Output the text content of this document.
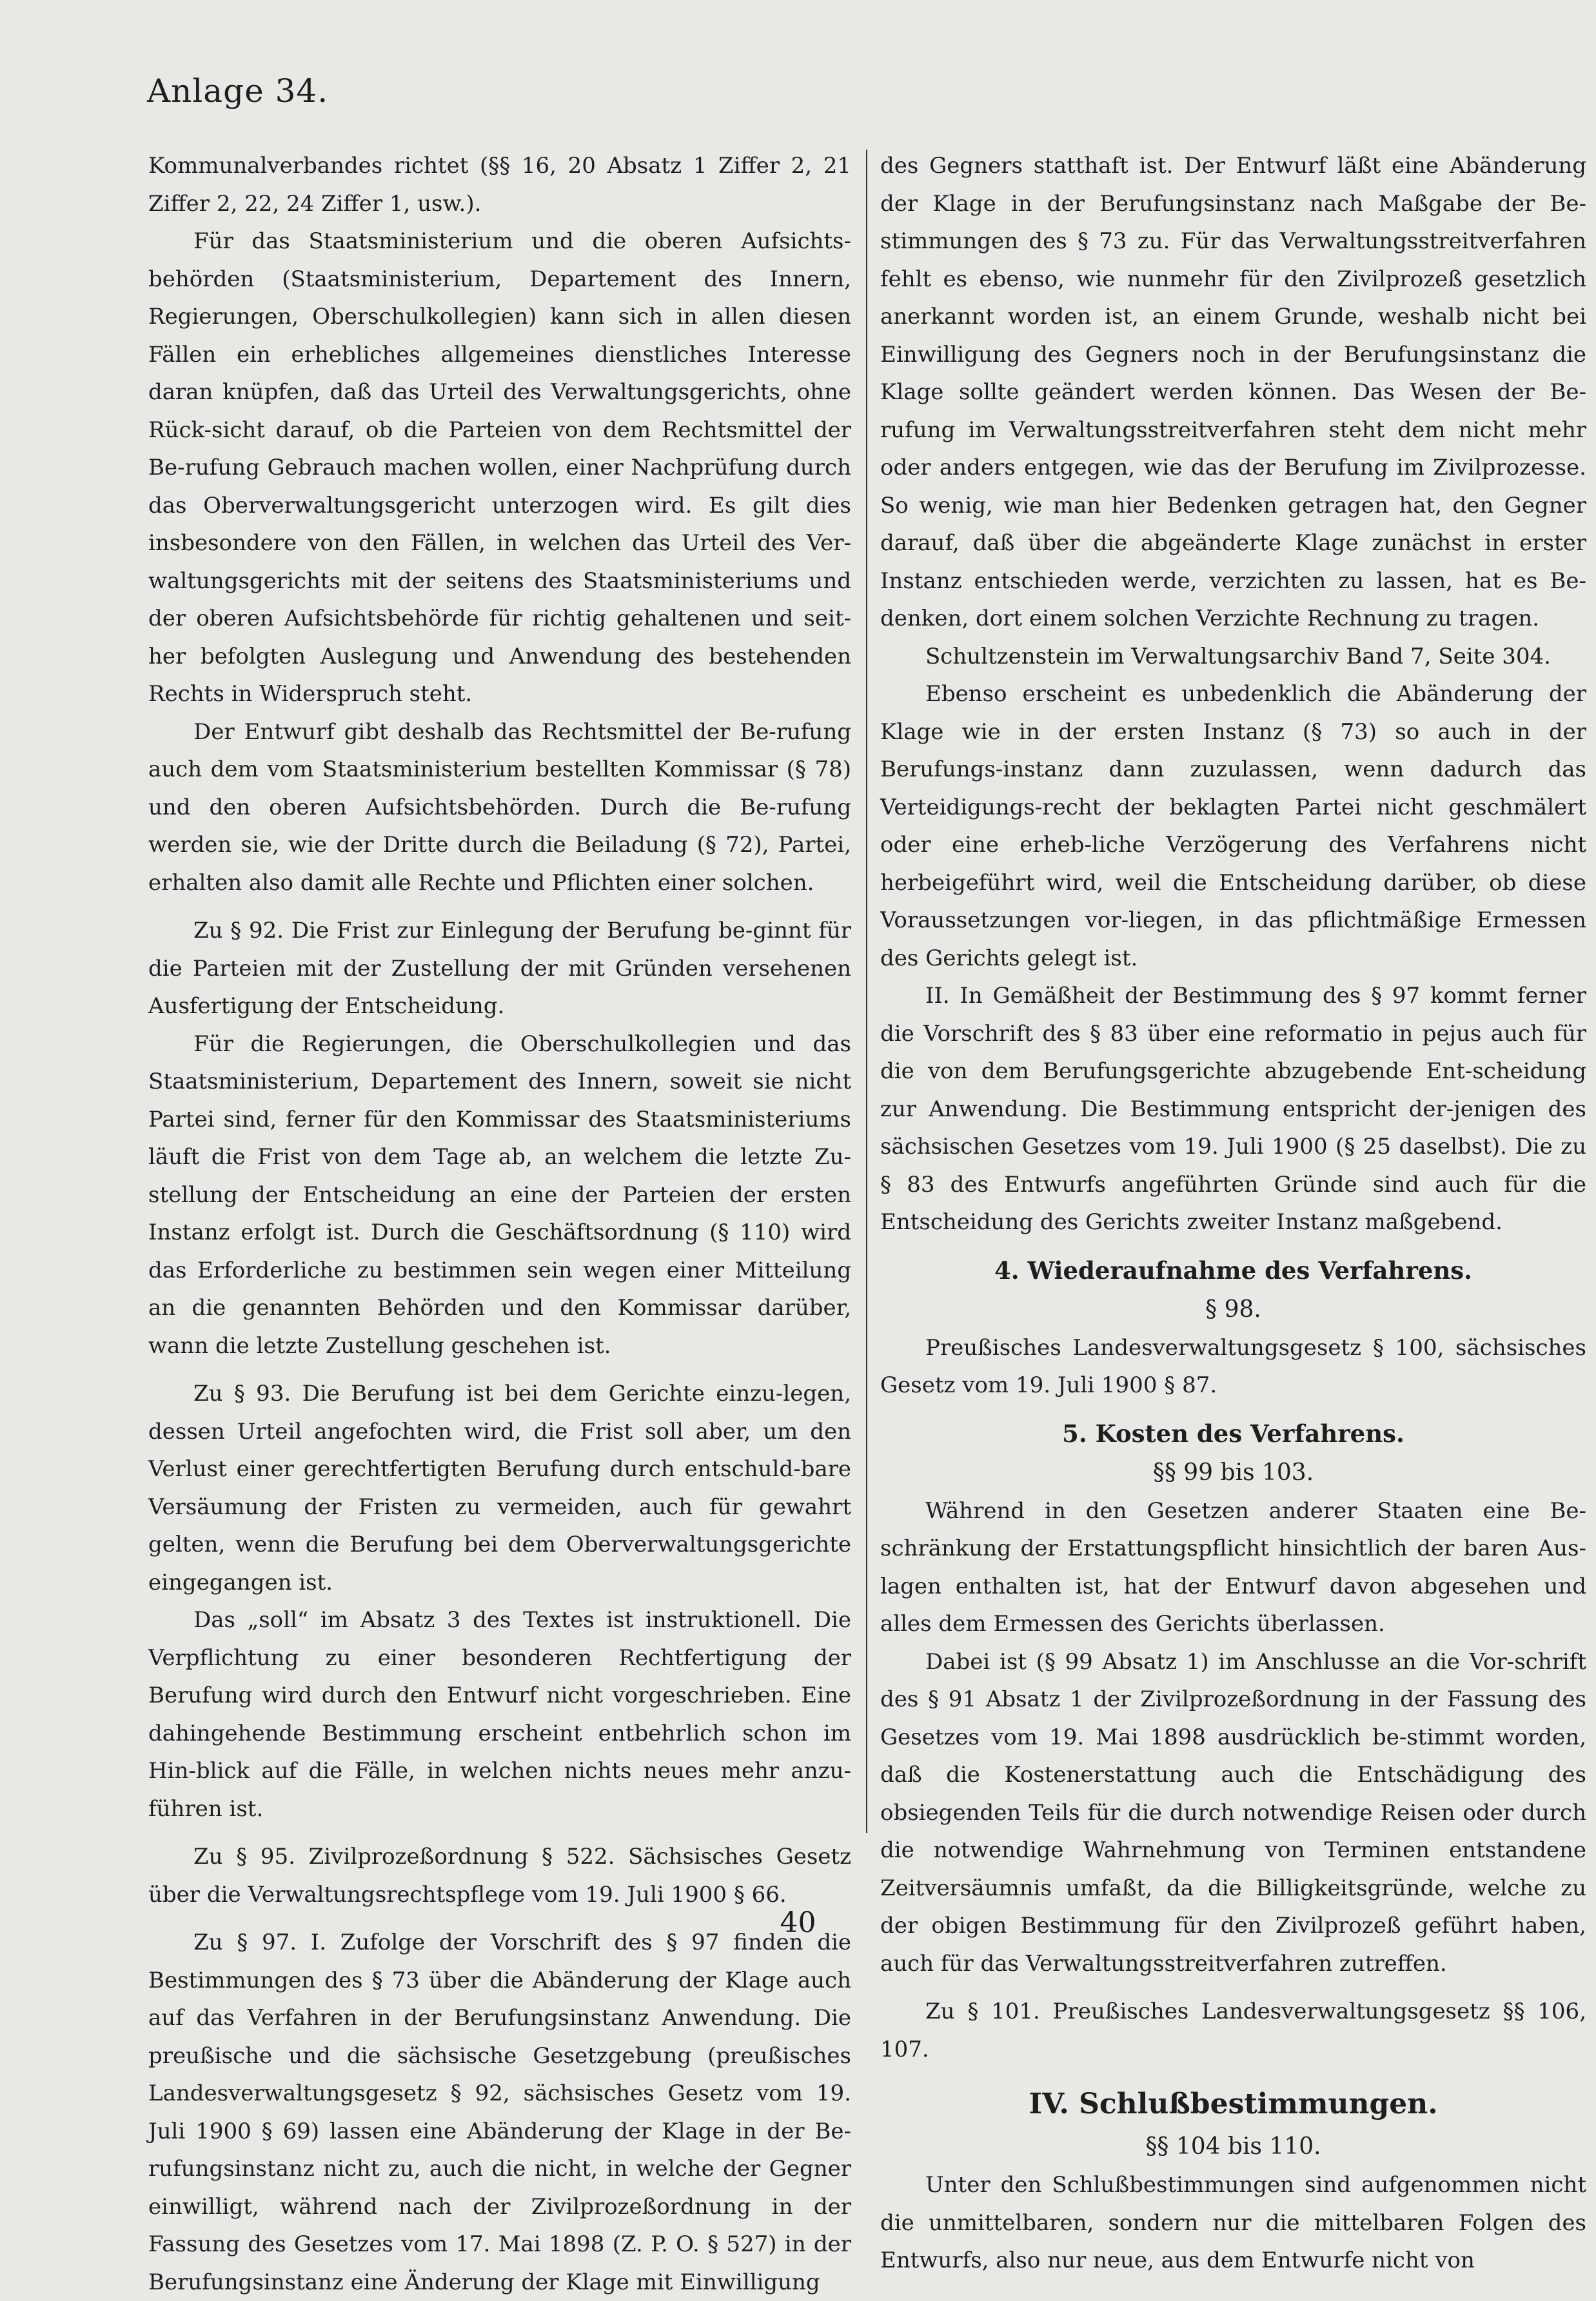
Anlage 34.

Kommunalverbandes richtet (§§ 16, 20 Absatz 1 Ziffer 2, 21 Ziffer 2, 22, 24 Ziffer 1, usw.).

Für das Staatsministerium und die oberen Aufsichts-behörden (Staatsministerium, Departement des Innern, Regierungen, Oberschulkollegien) kann sich in allen diesen Fällen ein erhebliches allgemeines dienstliches Interesse daran knüpfen, daß das Urteil des Verwaltungsgerichts, ohne Rück-sicht darauf, ob die Parteien von dem Rechtsmittel der Be-rufung Gebrauch machen wollen, einer Nachprüfung durch das Oberverwaltungsgericht unterzogen wird. Es gilt dies insbesondere von den Fällen, in welchen das Urteil des Ver-waltungsgerichts mit der seitens des Staatsministeriums und der oberen Aufsichtsbehörde für richtig gehaltenen und seit-her befolgten Auslegung und Anwendung des bestehenden Rechts in Widerspruch steht.

Der Entwurf gibt deshalb das Rechtsmittel der Be-rufung auch dem vom Staatsministerium bestellten Kommissar (§ 78) und den oberen Aufsichtsbehörden. Durch die Be-rufung werden sie, wie der Dritte durch die Beiladung (§ 72), Partei, erhalten also damit alle Rechte und Pflichten einer solchen.

Zu § 92. Die Frist zur Einlegung der Berufung be-ginnt für die Parteien mit der Zustellung der mit Gründen versehenen Ausfertigung der Entscheidung.

Für die Regierungen, die Oberschulkollegien und das Staatsministerium, Departement des Innern, soweit sie nicht Partei sind, ferner für den Kommissar des Staatsministeriums läuft die Frist von dem Tage ab, an welchem die letzte Zu-stellung der Entscheidung an eine der Parteien der ersten Instanz erfolgt ist. Durch die Geschäftsordnung (§ 110) wird das Erforderliche zu bestimmen sein wegen einer Mitteilung an die genannten Behörden und den Kommissar darüber, wann die letzte Zustellung geschehen ist.

Zu § 93. Die Berufung ist bei dem Gerichte einzu-legen, dessen Urteil angefochten wird, die Frist soll aber, um den Verlust einer gerechtfertigten Berufung durch entschuld-bare Versäumung der Fristen zu vermeiden, auch für gewahrt gelten, wenn die Berufung bei dem Oberverwaltungsgerichte eingegangen ist.

Das „soll“ im Absatz 3 des Textes ist instruktionell. Die Verpflichtung zu einer besonderen Rechtfertigung der Berufung wird durch den Entwurf nicht vorgeschrieben. Eine dahingehende Bestimmung erscheint entbehrlich schon im Hin-blick auf die Fälle, in welchen nichts neues mehr anzu-führen ist.

Zu § 95. Zivilprozeßordnung § 522. Sächsisches Gesetz über die Verwaltungsrechtspflege vom 19. Juli 1900 § 66.

Zu § 97. I. Zufolge der Vorschrift des § 97 finden die Bestimmungen des § 73 über die Abänderung der Klage auch auf das Verfahren in der Berufungsinstanz Anwendung. Die preußische und die sächsische Gesetzgebung (preußisches Landesverwaltungsgesetz § 92, sächsisches Gesetz vom 19. Juli 1900 § 69) lassen eine Abänderung der Klage in der Be-rufungsinstanz nicht zu, auch die nicht, in welche der Gegner einwilligt, während nach der Zivilprozeßordnung in der Fassung des Gesetzes vom 17. Mai 1898 (Z. P. O. § 527) in der Berufungsinstanz eine Änderung der Klage mit Einwilligung

des Gegners statthaft ist. Der Entwurf läßt eine Abänderung der Klage in der Berufungsinstanz nach Maßgabe der Be-stimmungen des § 73 zu. Für das Verwaltungsstreitverfahren fehlt es ebenso, wie nunmehr für den Zivilprozeß gesetzlich anerkannt worden ist, an einem Grunde, weshalb nicht bei Einwilligung des Gegners noch in der Berufungsinstanz die Klage sollte geändert werden können. Das Wesen der Be-rufung im Verwaltungsstreitverfahren steht dem nicht mehr oder anders entgegen, wie das der Berufung im Zivilprozesse. So wenig, wie man hier Bedenken getragen hat, den Gegner darauf, daß über die abgeänderte Klage zunächst in erster Instanz entschieden werde, verzichten zu lassen, hat es Be-denken, dort einem solchen Verzichte Rechnung zu tragen.

Schultzenstein im Verwaltungsarchiv Band 7, Seite 304.

Ebenso erscheint es unbedenklich die Abänderung der Klage wie in der ersten Instanz (§ 73) so auch in der Berufungs-instanz dann zuzulassen, wenn dadurch das Verteidigungs-recht der beklagten Partei nicht geschmälert oder eine erheb-liche Verzögerung des Verfahrens nicht herbeigeführt wird, weil die Entscheidung darüber, ob diese Voraussetzungen vor-liegen, in das pflichtmäßige Ermessen des Gerichts gelegt ist.

II. In Gemäßheit der Bestimmung des § 97 kommt ferner die Vorschrift des § 83 über eine reformatio in pejus auch für die von dem Berufungsgerichte abzugebende Ent-scheidung zur Anwendung. Die Bestimmung entspricht der-jenigen des sächsischen Gesetzes vom 19. Juli 1900 (§ 25 daselbst). Die zu § 83 des Entwurfs angeführten Gründe sind auch für die Entscheidung des Gerichts zweiter Instanz maßgebend.

4. Wiederaufnahme des Verfahrens.
§ 98.

Preußisches Landesverwaltungsgesetz § 100, sächsisches Gesetz vom 19. Juli 1900 § 87.

5. Kosten des Verfahrens.
§§ 99 bis 103.

Während in den Gesetzen anderer Staaten eine Be-schränkung der Erstattungspflicht hinsichtlich der baren Aus-lagen enthalten ist, hat der Entwurf davon abgesehen und alles dem Ermessen des Gerichts überlassen.

Dabei ist (§ 99 Absatz 1) im Anschlusse an die Vor-schrift des § 91 Absatz 1 der Zivilprozeßordnung in der Fassung des Gesetzes vom 19. Mai 1898 ausdrücklich be-stimmt worden, daß die Kostenerstattung auch die Entschädigung des obsiegenden Teils für die durch notwendige Reisen oder durch die notwendige Wahrnehmung von Terminen entstandene Zeitversäumnis umfaßt, da die Billigkeitsgründe, welche zu der obigen Bestimmung für den Zivilprozeß geführt haben, auch für das Verwaltungsstreitverfahren zutreffen.

Zu § 101. Preußisches Landesverwaltungsgesetz §§ 106, 107.

IV. Schlußbestimmungen.
§§ 104 bis 110.

Unter den Schlußbestimmungen sind aufgenommen nicht die unmittelbaren, sondern nur die mittelbaren Folgen des Entwurfs, also nur neue, aus dem Entwurfe nicht von

40
